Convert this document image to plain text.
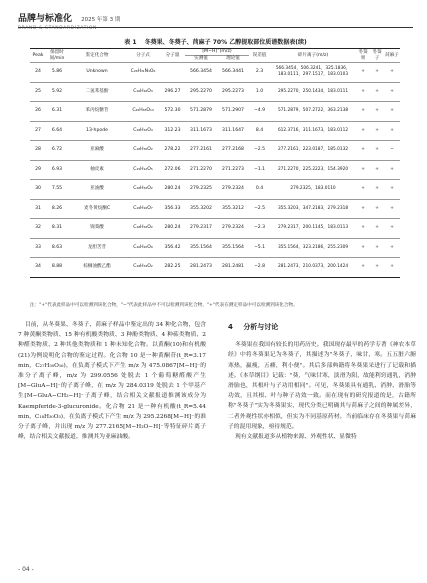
品牌与标准化 2025 年第 3 期
BRAND & STANDARDIZATION
表 1 冬葵果、冬葵子、苘麻子 70% 乙醇提取部位质谱数据表(续)
Peak	保留时间/min	鉴定化合物	分子式	分子量	[M−H]⁻(m/z)		误差值	碎片离子(m/z)	冬葵果	冬葵子	苘麻子
					实测值	理论值					
24	5.86	Unknown	C₂₆H₃₁N₃O₆		566.3454	566.3441	2.3	566.3454，506.3241，325.1836，183.0111，297.1517，183.0103	+	+	+
25	5.92	二氢苯基酚	C₁₆H₁₆O₃	296.27	295.2270	295.2273	1.0	295.2270，250.1434，183.0111	+	+	+
26	6.31	苯丙烷糖苷	C₂₆H₃₈O₁₃	572.30	571.2879	571.2907	−4.9	571.2879，507.2722，363.2138	+	+	+
27	6.64	13-hpode	C₁₈H₃₂O₄	312.23	311.1673	311.1647	8.4	612.3716，311.1673，183.0112	+	+	+
28	6.72	亚麻酸	C₁₈H₃₀O₂	278.22	277.2161	277.2168	−2.5	277.2161，223.0187，185.0132	+	+	−
29	6.93	柚皮素	C₁₅H₁₂O₅	272.06	271.2270	271.2273	−1.1	271.2270，225.2223，154.3920	+	+	+
30	7.55	亚油酸	C₁₈H₃₂O₂	280.24	279.2325	279.2324	0.4	279.2325，183.0110	+	+	+
31	8.26	麦冬黄烷酮C	C₁₈H₁₆O₇	356.33	355.3202	355.3212	−2.5	355.3203，347.2183，279.2318	+	+	+
32	8.31	锦葵酸	C₁₈H₃₂O₂	280.24	279.2317	279.2324	−2.3	279.2317，200.1145，183.0113	+	+	+
33	8.63	龙胆苦苷	C₁₆H₂₀O₉	356.42	355.1564	355.1564	−5.1	355.1564，323.2186，255.2309	+	+	+
34	8.88	棕榈油酸乙酯	C₁₈H₃₄O₂	282.25	281.2473	281.2481	−2.8	281.2473，210.0373，200.1424	+	+	+
注："+"代表此样品中可以检测到该化合物，"−"代表此样品中不可以检测到该化合物，"+"代表在测定样品中可以检测到该化合物。

目前，从冬葵果、冬葵子、苘麻子样品中鉴定出的 34 种化合物，包含 7 种黄酮类物质、15 种有机酸类物质、3 种酚类物质、4 种萜类物质、2 种醛类物质、2 种其他类物质和 1 种未知化合物。以黄酮(10)和有机酸(21)为例说明化合物的鉴定过程。化合物 10 是一种黄酮苷(t_R=3.17 min，C₂₇H₃₀O₁₆)，在负离子模式下产生 m/z 为 475.0867[M−H]⁻的准分子离子峰，m/z 为 299.0556 处脱去 1 个葡萄糖醛酸产生[M−GluA−H]⁻的子离子峰，在 m/z 为 284.0319 处脱去 1 个甲基产生[M−GluA−CH₃−H]⁻子离子峰，结合相关文献报道推测该成分为 Kaempferide-3-glucuronide。化合物 21 是一种有机酸(t_R=5.44 min，C₁₈H₃₀O₃)，在负离子模式下产生 m/z 为 295.2268[M−H]⁻的准分子离子峰，并出现 m/z 为 277.2165[M−H₂O−H]⁻等特征碎片离子峰，结合相关文献报道，推测其为亚麻油酸。

4 分析与讨论

冬葵果在我国有较长的用药历史。我国现存最早的药学专著《神农本草经》中将冬葵果记为冬葵子，其描述为"冬葵子，味甘，寒。五五脏六腑寒热，羸瘦，五癃，利小便"。其后多部典籍将冬葵果采进行了记载和描述。《本草纲目》记载："葵，气味甘寒，淡滑为阳，故能利窍通乳，消肿滑胎也，其根叶与子功用相同"。可见，冬葵果具有通乳、消肿、滑胎等功效，且其根、叶与种子功效一致。而在现有的研究报道的是，古籍所称"冬葵子"实为冬葵果实，现代分类已明确其与苘麻子之间的种属差异，二者外观性状亦相似，但实为不同基原药材。当前临床存在冬葵果与苘麻子的混用现象，亟待规范。

现有文献报道多从植物来源、外观性状、显微特

- 04 -
